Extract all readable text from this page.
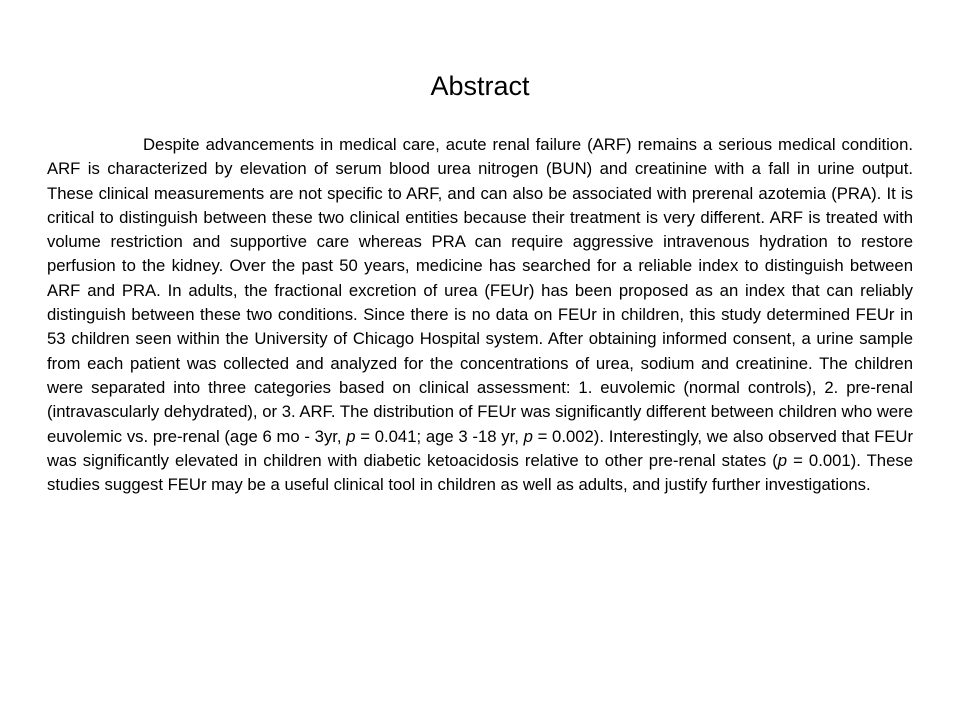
Abstract

Despite advancements in medical care, acute renal failure (ARF) remains a serious medical condition. ARF is characterized by elevation of serum blood urea nitrogen (BUN) and creatinine with a fall in urine output. These clinical measurements are not specific to ARF, and can also be associated with prerenal azotemia (PRA). It is critical to distinguish between these two clinical entities because their treatment is very different. ARF is treated with volume restriction and supportive care whereas PRA can require aggressive intravenous hydration to restore perfusion to the kidney. Over the past 50 years, medicine has searched for a reliable index to distinguish between ARF and PRA. In adults, the fractional excretion of urea (FEUr) has been proposed as an index that can reliably distinguish between these two conditions. Since there is no data on FEUr in children, this study determined FEUr in 53 children seen within the University of Chicago Hospital system. After obtaining informed consent, a urine sample from each patient was collected and analyzed for the concentrations of urea, sodium and creatinine. The children were separated into three categories based on clinical assessment: 1. euvolemic (normal controls), 2. pre-renal (intravascularly dehydrated), or 3. ARF. The distribution of FEUr was significantly different between children who were euvolemic vs. pre-renal (age 6 mo - 3yr, p = 0.041; age 3 -18 yr, p = 0.002). Interestingly, we also observed that FEUr was significantly elevated in children with diabetic ketoacidosis relative to other pre-renal states (p = 0.001). These studies suggest FEUr may be a useful clinical tool in children as well as adults, and justify further investigations.
